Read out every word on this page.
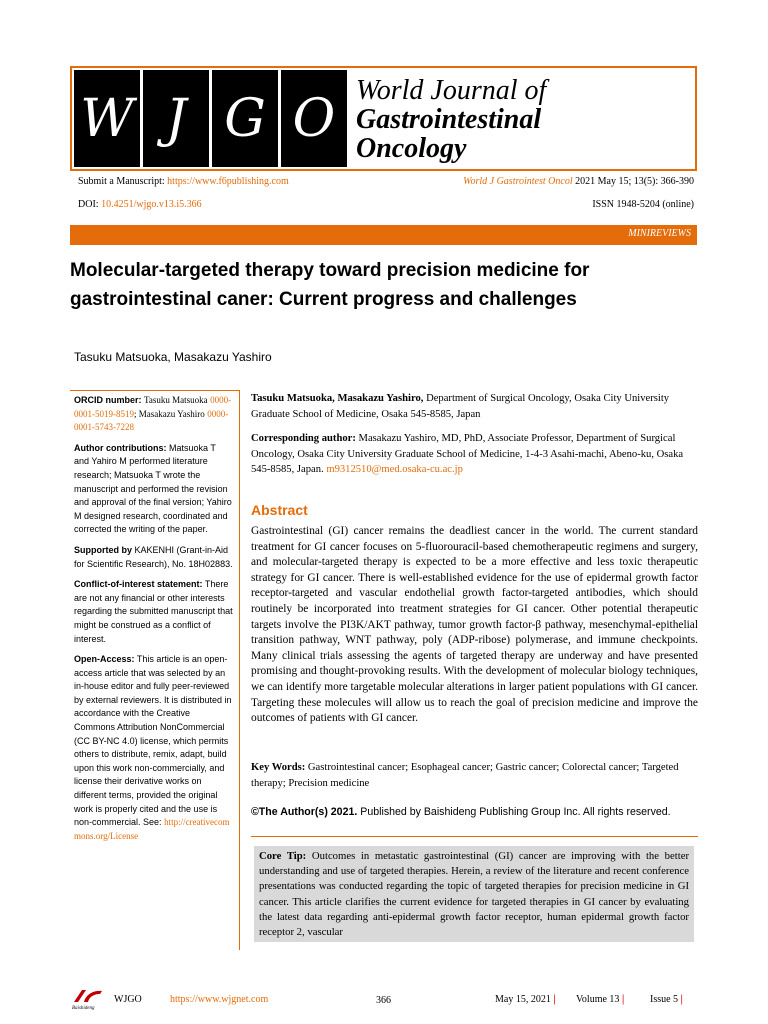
W J G O World Journal of
Gastrointestinal
Oncology
Submit a Manuscript: https://www.f6publishing.com	World J Gastrointest Oncol 2021 May 15; 13(5): 366-390
DOI: 10.4251/wjgo.v13.i5.366	ISSN 1948-5204 (online)
MINIREVIEWS
Molecular-targeted therapy toward precision medicine for
gastrointestinal caner: Current progress and challenges
Tasuku Matsuoka, Masakazu Yashiro
ORCID number: Tasuku Matsuoka 0000-0001-5019-8519; Masakazu Yashiro 0000-0001-5743-7228
Author contributions: Matsuoka T and Yahiro M performed literature research; Matsuoka T wrote the manuscript and performed the revision and approval of the final version; Yahiro M designed research, coordinated and corrected the writing of the paper.
Supported by KAKENHI (Grant-in-Aid for Scientific Research), No. 18H02883.
Conflict-of-interest statement: There are not any financial or other interests regarding the submitted manuscript that might be construed as a conflict of interest.
Open-Access: This article is an open-access article that was selected by an in-house editor and fully peer-reviewed by external reviewers. It is distributed in accordance with the Creative Commons Attribution NonCommercial (CC BY-NC 4.0) license, which permits others to distribute, remix, adapt, build upon this work non-commercially, and license their derivative works on different terms, provided the original work is properly cited and the use is non-commercial. See: http://creativecommons.org/License
Tasuku Matsuoka, Masakazu Yashiro, Department of Surgical Oncology, Osaka City University Graduate School of Medicine, Osaka 545-8585, Japan
Corresponding author: Masakazu Yashiro, MD, PhD, Associate Professor, Department of Surgical Oncology, Osaka City University Graduate School of Medicine, 1-4-3 Asahi-machi, Abeno-ku, Osaka 545-8585, Japan. m9312510@med.osaka-cu.ac.jp
Abstract
Gastrointestinal (GI) cancer remains the deadliest cancer in the world. The current standard treatment for GI cancer focuses on 5-fluorouracil-based chemotherapeutic regimens and surgery, and molecular-targeted therapy is expected to be a more effective and less toxic therapeutic strategy for GI cancer. There is well-established evidence for the use of epidermal growth factor receptor-targeted and vascular endothelial growth factor-targeted antibodies, which should routinely be incorporated into treatment strategies for GI cancer. Other potential therapeutic targets involve the PI3K/AKT pathway, tumor growth factor-β pathway, mesenchymal-epithelial transition pathway, WNT pathway, poly (ADP-ribose) polymerase, and immune checkpoints. Many clinical trials assessing the agents of targeted therapy are underway and have presented promising and thought-provoking results. With the development of molecular biology techniques, we can identify more targetable molecular alterations in larger patient populations with GI cancer. Targeting these molecules will allow us to reach the goal of precision medicine and improve the outcomes of patients with GI cancer.
Key Words: Gastrointestinal cancer; Esophageal cancer; Gastric cancer; Colorectal cancer; Targeted therapy; Precision medicine
©The Author(s) 2021. Published by Baishideng Publishing Group Inc. All rights reserved.
Core Tip: Outcomes in metastatic gastrointestinal (GI) cancer are improving with the better understanding and use of targeted therapies. Herein, a review of the literature and recent conference presentations was conducted regarding the topic of targeted therapies for precision medicine in GI cancer. This article clarifies the current evidence for targeted therapies in GI cancer by evaluating the latest data regarding anti-epidermal growth factor receptor, human epidermal growth factor receptor 2, vascular
Baishideng
WJGO	https://www.wjgnet.com	366	May 15, 2021 | Volume 13 |	Issue 5 |
